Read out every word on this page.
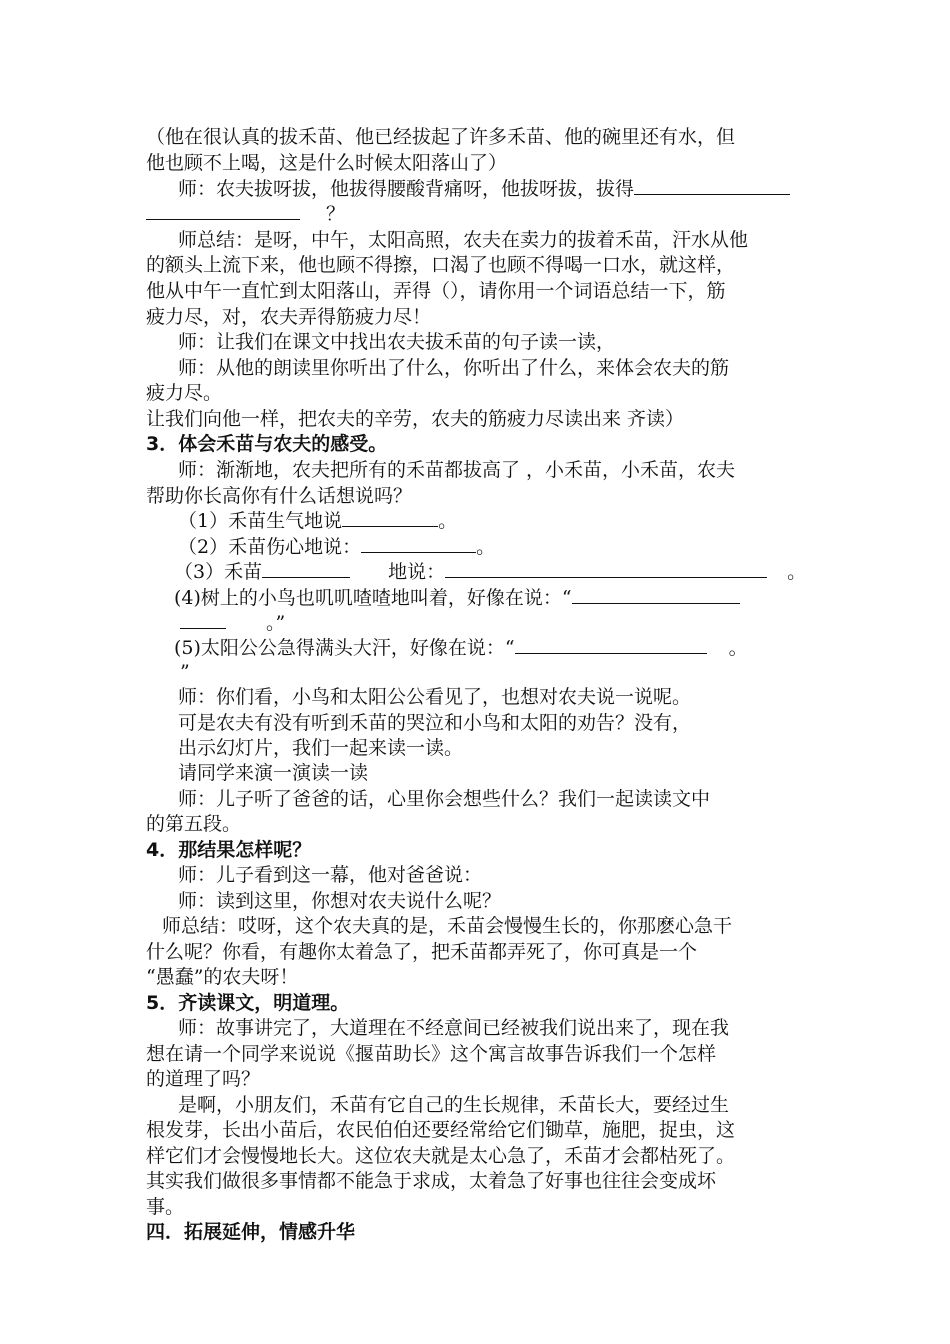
（他在很认真的拔禾苗、他已经拔起了许多禾苗、他的碗里还有水，但
他也顾不上喝，这是什么时候太阳落山了）
师：农夫拔呀拔，他拔得腰酸背痛呀，他拔呀拔，拔得
？
师总结：是呀，中午，太阳高照，农夫在卖力的拔着禾苗，汗水从他
的额头上流下来，他也顾不得擦，口渴了也顾不得喝一口水，就这样，
他从中午一直忙到太阳落山，弄得（），请你用一个词语总结一下，筋
疲力尽，对，农夫弄得筋疲力尽！
师：让我们在课文中找出农夫拔禾苗的句子读一读，
师：从他的朗读里你听出了什么，你听出了什么，来体会农夫的筋
疲力尽。
让我们向他一样，把农夫的辛劳，农夫的筋疲力尽读出来 齐读）
3．体会禾苗与农夫的感受。
师：渐渐地，农夫把所有的禾苗都拔高了 ，小禾苗，小禾苗，农夫
帮助你长高你有什么话想说吗？
（1）禾苗生气地说	。
（2）禾苗伤心地说：	。
（3）禾苗	地说：	。
(4)树上的小鸟也叽叽喳喳地叫着，好像在说：“
。”
(5)太阳公公急得满头大汗，好像在说：“	。
”
师：你们看，小鸟和太阳公公看见了，也想对农夫说一说呢。
可是农夫有没有听到禾苗的哭泣和小鸟和太阳的劝告？没有，
出示幻灯片，我们一起来读一读。
请同学来演一演读一读
师：儿子听了爸爸的话，心里你会想些什么？我们一起读读文中
的第五段。
4．那结果怎样呢？
师：儿子看到这一幕，他对爸爸说：
师：读到这里，你想对农夫说什么呢？
师总结：哎呀，这个农夫真的是，禾苗会慢慢生长的，你那麽心急干
什么呢？你看，有趣你太着急了，把禾苗都弄死了，你可真是一个
“愚蠢”的农夫呀！
5．齐读课文，明道理。
师：故事讲完了，大道理在不经意间已经被我们说出来了，现在我
想在请一个同学来说说《揠苗助长》这个寓言故事告诉我们一个怎样
的道理了吗？
是啊，小朋友们，禾苗有它自己的生长规律，禾苗长大，要经过生
根发芽，长出小苗后，农民伯伯还要经常给它们锄草，施肥，捉虫，这
样它们才会慢慢地长大。这位农夫就是太心急了，禾苗才会都枯死了。
其实我们做很多事情都不能急于求成，太着急了好事也往往会变成坏
事。
四．拓展延伸，情感升华
